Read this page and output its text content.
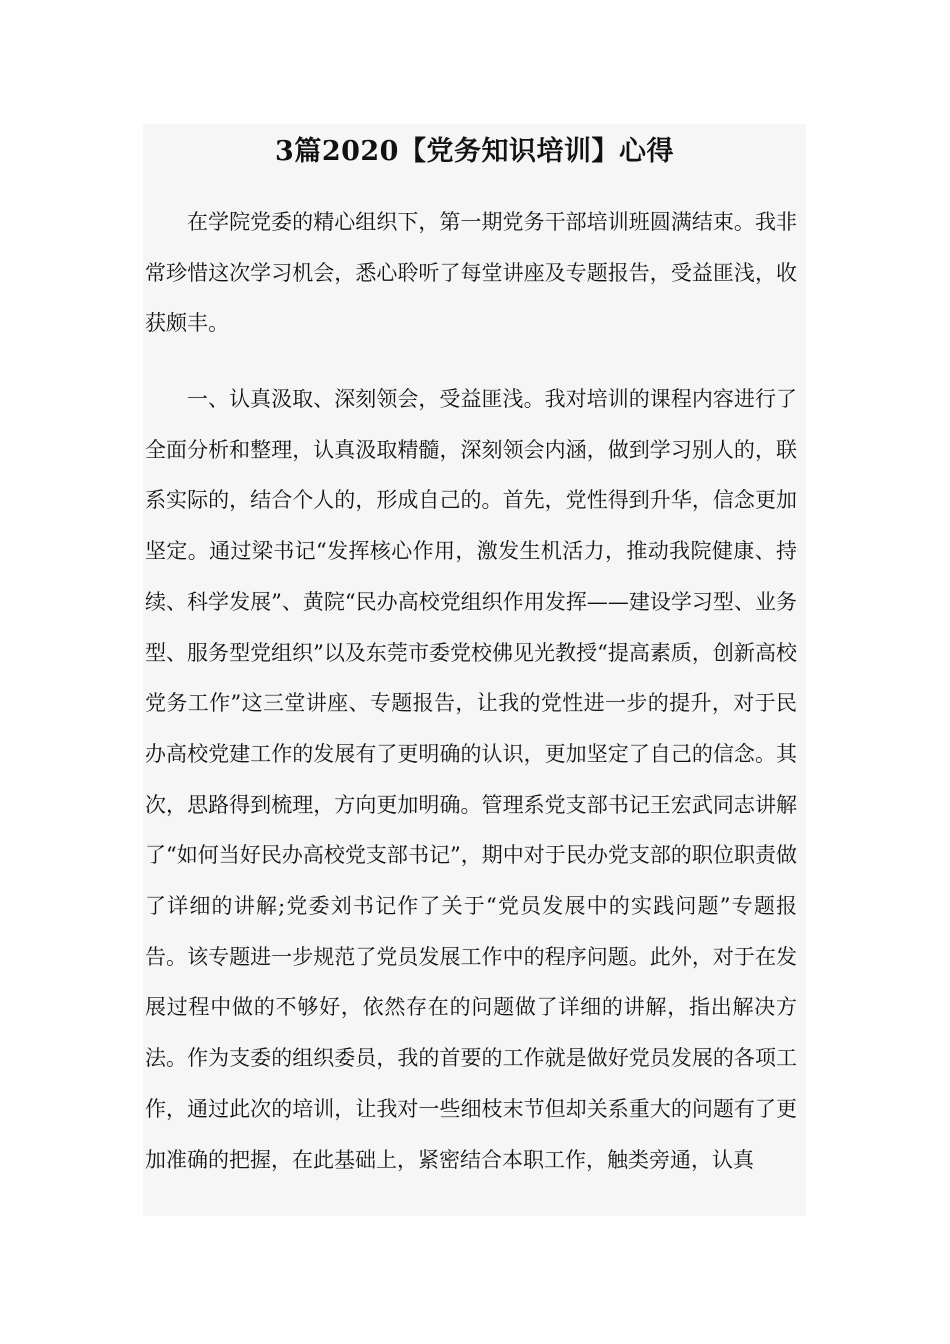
3篇2020【党务知识培训】心得

在学院党委的精心组织下，第一期党务干部培训班圆满结束。我非常珍惜这次学习机会，悉心聆听了每堂讲座及专题报告，受益匪浅，收获颇丰。

一、认真汲取、深刻领会，受益匪浅。我对培训的课程内容进行了全面分析和整理，认真汲取精髓，深刻领会内涵，做到学习别人的，联系实际的，结合个人的，形成自己的。首先，党性得到升华，信念更加坚定。通过梁书记“发挥核心作用，激发生机活力，推动我院健康、持续、科学发展”、黄院“民办高校党组织作用发挥——建设学习型、业务型、服务型党组织”以及东莞市委党校佛见光教授“提高素质，创新高校党务工作”这三堂讲座、专题报告，让我的党性进一步的提升，对于民办高校党建工作的发展有了更明确的认识，更加坚定了自己的信念。其次，思路得到梳理，方向更加明确。管理系党支部书记王宏武同志讲解了“如何当好民办高校党支部书记”，期中对于民办党支部的职位职责做了详细的讲解;党委刘书记作了关于“党员发展中的实践问题”专题报告。该专题进一步规范了党员发展工作中的程序问题。此外，对于在发展过程中做的不够好，依然存在的问题做了详细的讲解，指出解决方法。作为支委的组织委员，我的首要的工作就是做好党员发展的各项工作，通过此次的培训，让我对一些细枝末节但却关系重大的问题有了更加准确的把握，在此基础上，紧密结合本职工作，触类旁通，认真
